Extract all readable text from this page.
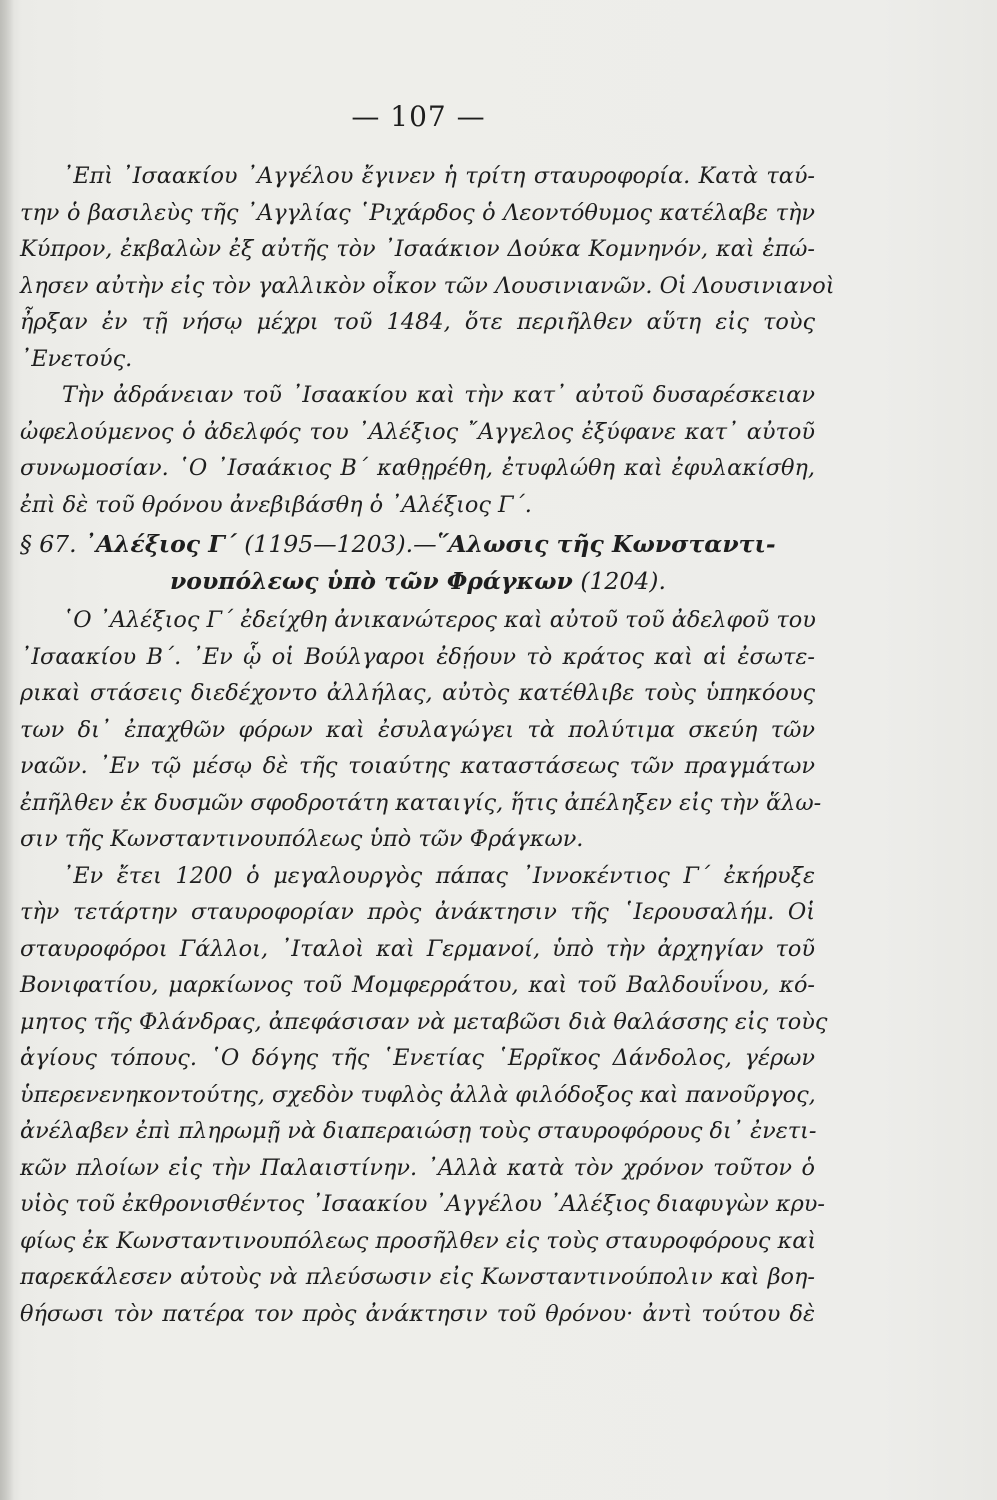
— 107 —
᾿Επὶ ᾿Ισαακίου ᾿Αγγέλου ἔγινεν ἡ τρίτη σταυροφορία. Κατὰ ταύ-
την ὁ βασιλεὺς τῆς ᾿Αγγλίας ῾Ριχάρδος ὁ Λεοντόθυμος κατέλαβε τὴν
Κύπρον, ἐκβαλὼν ἐξ αὐτῆς τὸν ᾿Ισαάκιον Δούκα Κομνηνόν, καὶ ἐπώ-
λησεν αὐτὴν εἰς τὸν γαλλικὸν οἶκον τῶν Λουσινιανῶν. Οἱ Λουσινιανοὶ
ἦρξαν ἐν τῇ νήσῳ μέχρι τοῦ 1484, ὅτε περιῆλθεν αὕτη εἰς τοὺς
᾿Ενετούς.
Τὴν ἀδράνειαν τοῦ ᾿Ισαακίου καὶ τὴν κατ᾿ αὐτοῦ δυσαρέσκειαν
ὠφελούμενος ὁ ἀδελφός του ᾿Αλέξιος ῎Αγγελος ἐξύφανε κατ᾿ αὐτοῦ
συνωμοσίαν. ῾Ο ᾿Ισαάκιος Β΄ καθῃρέθη, ἐτυφλώθη καὶ ἐφυλακίσθη,
ἐπὶ δὲ τοῦ θρόνου ἀνεβιβάσθη ὁ ᾿Αλέξιος Γ΄.
§ 67. ᾿Αλέξιος Γ΄ (1195—1203).—῞Αλωσις τῆς Κωνσταντι-
νουπόλεως ὑπὸ τῶν Φράγκων (1204).
῾Ο ᾿Αλέξιος Γ΄ ἐδείχθη ἀνικανώτερος καὶ αὐτοῦ τοῦ ἀδελφοῦ του
᾿Ισαακίου Β΄. ᾿Εν ᾧ οἱ Βούλγαροι ἐδῄουν τὸ κράτος καὶ αἱ ἐσωτε-
ρικαὶ στάσεις διεδέχοντο ἀλλήλας, αὐτὸς κατέθλιβε τοὺς ὑπηκόους
των δι᾿ ἐπαχθῶν φόρων καὶ ἐσυλαγώγει τὰ πολύτιμα σκεύη τῶν
ναῶν. ᾿Εν τῷ μέσῳ δὲ τῆς τοιαύτης καταστάσεως τῶν πραγμάτων
ἐπῆλθεν ἐκ δυσμῶν σφοδροτάτη καταιγίς, ἥτις ἀπέληξεν εἰς τὴν ἅλω-
σιν τῆς Κωνσταντινουπόλεως ὑπὸ τῶν Φράγκων.
᾿Εν ἔτει 1200 ὁ μεγαλουργὸς πάπας ᾿Ιννοκέντιος Γ΄ ἐκήρυξε
τὴν τετάρτην σταυροφορίαν πρὸς ἀνάκτησιν τῆς ῾Ιερουσαλήμ. Οἱ
σταυροφόροι Γάλλοι, ᾿Ιταλοὶ καὶ Γερμανοί, ὑπὸ τὴν ἀρχηγίαν τοῦ
Βονιφατίου, μαρκίωνος τοῦ Μομφερράτου, καὶ τοῦ Βαλδουΐνου, κό-
μητος τῆς Φλάνδρας, ἀπεφάσισαν νὰ μεταβῶσι διὰ θαλάσσης εἰς τοὺς
ἁγίους τόπους. ῾Ο δόγης τῆς ῾Ενετίας ῾Ερρῖκος Δάνδολος, γέρων
ὑπερενενηκοντούτης, σχεδὸν τυφλὸς ἀλλὰ φιλόδοξος καὶ πανοῦργος,
ἀνέλαβεν ἐπὶ πληρωμῇ νὰ διαπεραιώσῃ τοὺς σταυροφόρους δι᾿ ἐνετι-
κῶν πλοίων εἰς τὴν Παλαιστίνην. ᾿Αλλὰ κατὰ τὸν χρόνον τοῦτον ὁ
υἱὸς τοῦ ἐκθρονισθέντος ᾿Ισαακίου ᾿Αγγέλου ᾿Αλέξιος διαφυγὼν κρυ-
φίως ἐκ Κωνσταντινουπόλεως προσῆλθεν εἰς τοὺς σταυροφόρους καὶ
παρεκάλεσεν αὐτοὺς νὰ πλεύσωσιν εἰς Κωνσταντινούπολιν καὶ βοη-
θήσωσι τὸν πατέρα τον πρὸς ἀνάκτησιν τοῦ θρόνου· ἀντὶ τούτου δὲ
